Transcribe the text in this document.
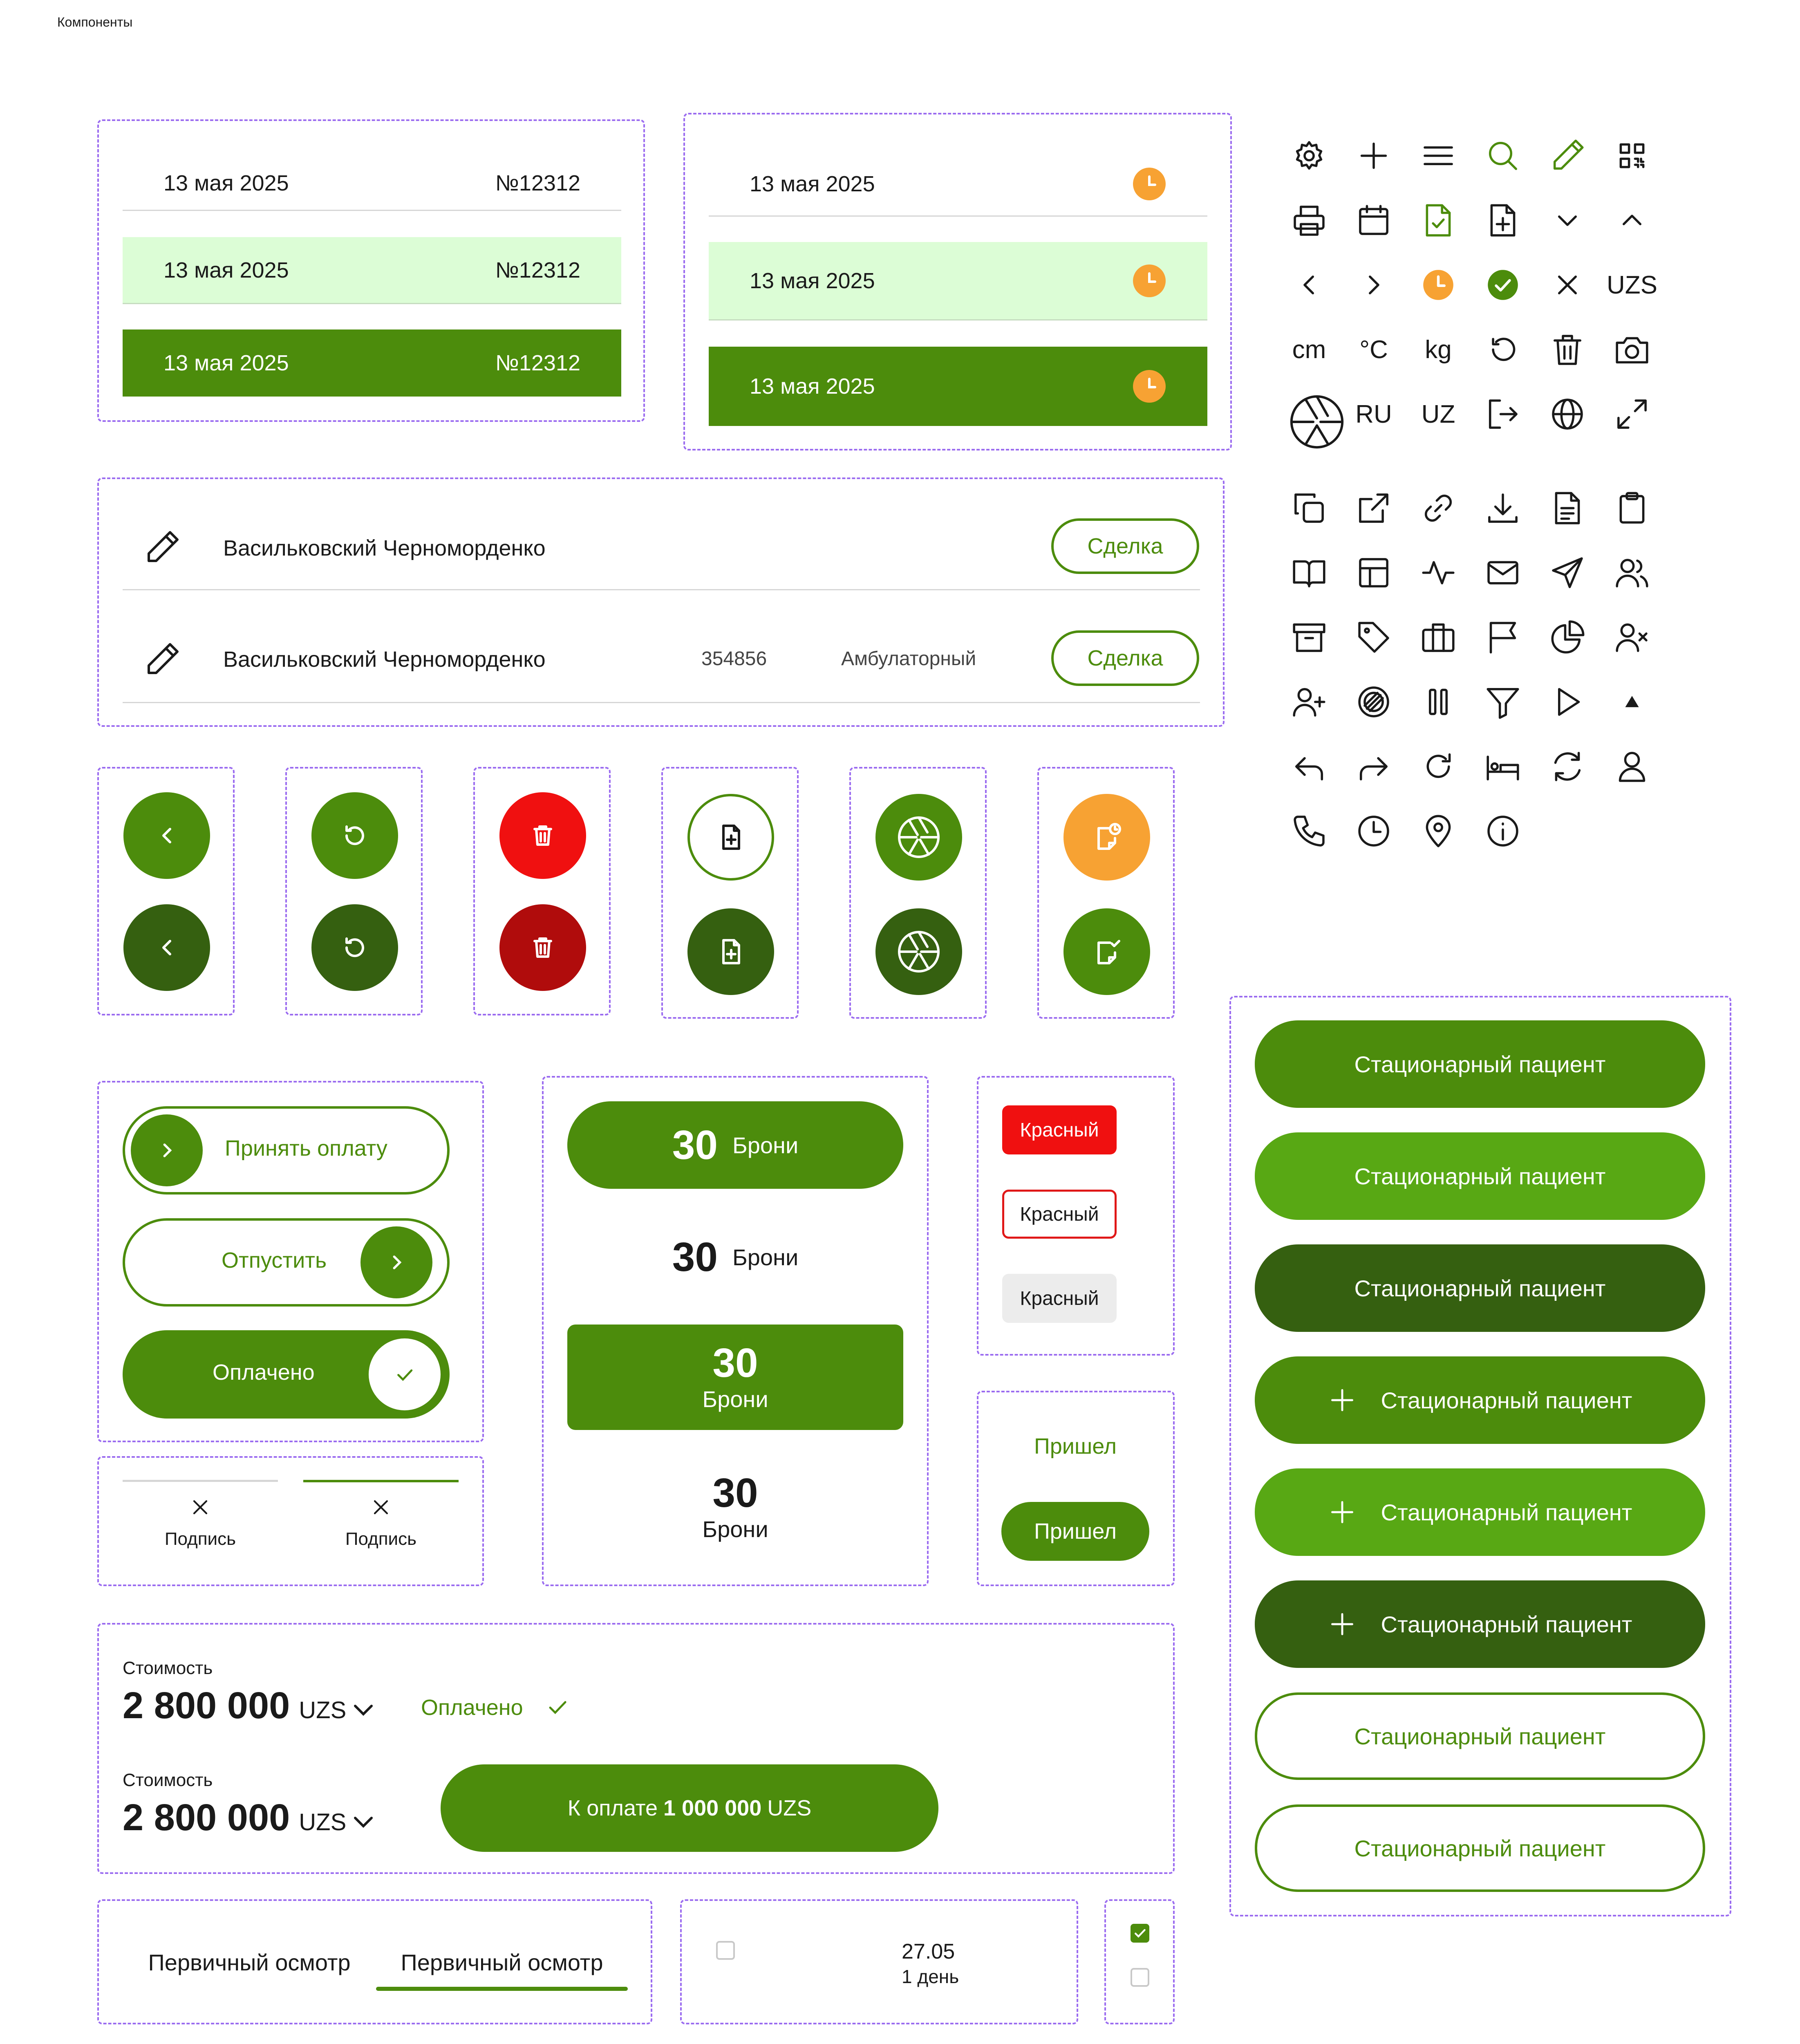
Компоненты
13 мая 2025	№12312
13 мая 2025	№12312
13 мая 2025	№12312
13 мая 2025
13 мая 2025
13 мая 2025
Васильковский Черноморденко	Сделка
Васильковский Черноморденко	354856	Амбулаторный	Сделка
Принять оплату
Отпустить
Оплачено
Подпись	Подпись
30 Брони
30 Брони
30
Брони
30
Брони
Красный
Красный
Красный
Пришел
Пришел
Стоимость
2 800 000 UZS	Оплачено
Стоимость
2 800 000 UZS
К оплате 1 000 000 UZS
Первичный осмотр	Первичный осмотр	27.05
1 день
Стационарный пациент
Стационарный пациент
Стационарный пациент
Стационарный пациент
Стационарный пациент
Стационарный пациент
Стационарный пациент
Стационарный пациент
UZS
cm	°C	kg
RU UZ
